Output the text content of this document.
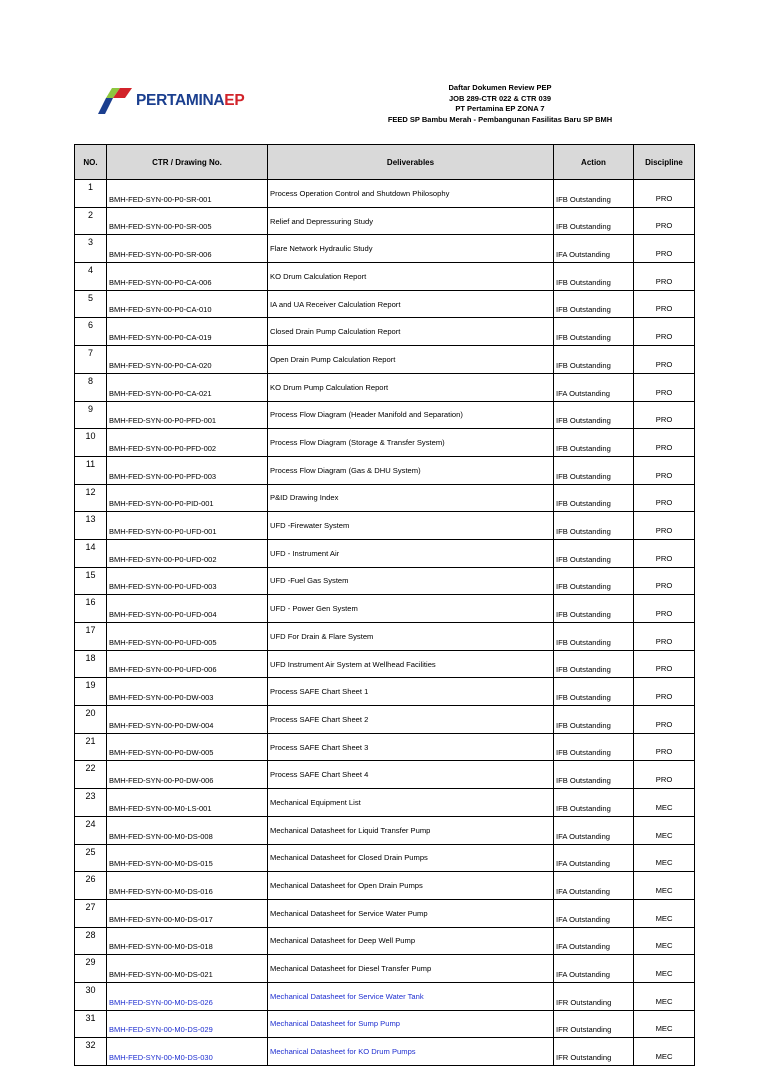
PERTAMINAEP
Daftar Dokumen Review PEP
JOB 289-CTR 022 & CTR 039
PT Pertamina EP ZONA 7
FEED SP Bambu Merah - Pembangunan Fasilitas Baru SP BMH
NO.	CTR / Drawing No.	Deliverables	Action	Discipline
1	BMH-FED-SYN-00-P0-SR-001	Process Operation Control and Shutdown Philosophy	IFB Outstanding	PRO
2	BMH-FED-SYN-00-P0-SR-005	Relief and Depressuring Study	IFB Outstanding	PRO
3	BMH-FED-SYN-00-P0-SR-006	Flare Network Hydraulic Study	IFA Outstanding	PRO
4	BMH-FED-SYN-00-P0-CA-006	KO Drum Calculation Report	IFB Outstanding	PRO
5	BMH-FED-SYN-00-P0-CA-010	IA and UA Receiver Calculation Report	IFB Outstanding	PRO
6	BMH-FED-SYN-00-P0-CA-019	Closed Drain Pump Calculation Report	IFB Outstanding	PRO
7	BMH-FED-SYN-00-P0-CA-020	Open Drain Pump Calculation Report	IFB Outstanding	PRO
8	BMH-FED-SYN-00-P0-CA-021	KO Drum Pump Calculation Report	IFA Outstanding	PRO
9	BMH-FED-SYN-00-P0-PFD-001	Process Flow Diagram (Header Manifold and Separation)	IFB Outstanding	PRO
10	BMH-FED-SYN-00-P0-PFD-002	Process Flow Diagram (Storage & Transfer System)	IFB Outstanding	PRO
11	BMH-FED-SYN-00-P0-PFD-003	Process Flow Diagram (Gas & DHU System)	IFB Outstanding	PRO
12	BMH-FED-SYN-00-P0-PID-001	P&ID Drawing Index	IFB Outstanding	PRO
13	BMH-FED-SYN-00-P0-UFD-001	UFD -Firewater System	IFB Outstanding	PRO
14	BMH-FED-SYN-00-P0-UFD-002	UFD - Instrument Air	IFB Outstanding	PRO
15	BMH-FED-SYN-00-P0-UFD-003	UFD -Fuel Gas System	IFB Outstanding	PRO
16	BMH-FED-SYN-00-P0-UFD-004	UFD - Power Gen System	IFB Outstanding	PRO
17	BMH-FED-SYN-00-P0-UFD-005	UFD For Drain & Flare System	IFB Outstanding	PRO
18	BMH-FED-SYN-00-P0-UFD-006	UFD Instrument Air System at Wellhead Facilities	IFB Outstanding	PRO
19	BMH-FED-SYN-00-P0-DW-003	Process SAFE Chart Sheet 1	IFB Outstanding	PRO
20	BMH-FED-SYN-00-P0-DW-004	Process SAFE Chart Sheet 2	IFB Outstanding	PRO
21	BMH-FED-SYN-00-P0-DW-005	Process SAFE Chart Sheet 3	IFB Outstanding	PRO
22	BMH-FED-SYN-00-P0-DW-006	Process SAFE Chart Sheet 4	IFB Outstanding	PRO
23	BMH-FED-SYN-00-M0-LS-001	Mechanical Equipment List	IFB Outstanding	MEC
24	BMH-FED-SYN-00-M0-DS-008	Mechanical Datasheet for Liquid Transfer Pump	IFA Outstanding	MEC
25	BMH-FED-SYN-00-M0-DS-015	Mechanical Datasheet for Closed Drain Pumps	IFA Outstanding	MEC
26	BMH-FED-SYN-00-M0-DS-016	Mechanical Datasheet for Open Drain Pumps	IFA Outstanding	MEC
27	BMH-FED-SYN-00-M0-DS-017	Mechanical Datasheet for Service Water Pump	IFA Outstanding	MEC
28	BMH-FED-SYN-00-M0-DS-018	Mechanical Datasheet for Deep Well Pump	IFA Outstanding	MEC
29	BMH-FED-SYN-00-M0-DS-021	Mechanical Datasheet for Diesel Transfer Pump	IFA Outstanding	MEC
30	BMH-FED-SYN-00-M0-DS-026	Mechanical Datasheet for Service Water Tank	IFR Outstanding	MEC
31	BMH-FED-SYN-00-M0-DS-029	Mechanical Datasheet for Sump Pump	IFR Outstanding	MEC
32	BMH-FED-SYN-00-M0-DS-030	Mechanical Datasheet for KO Drum Pumps	IFR Outstanding	MEC
